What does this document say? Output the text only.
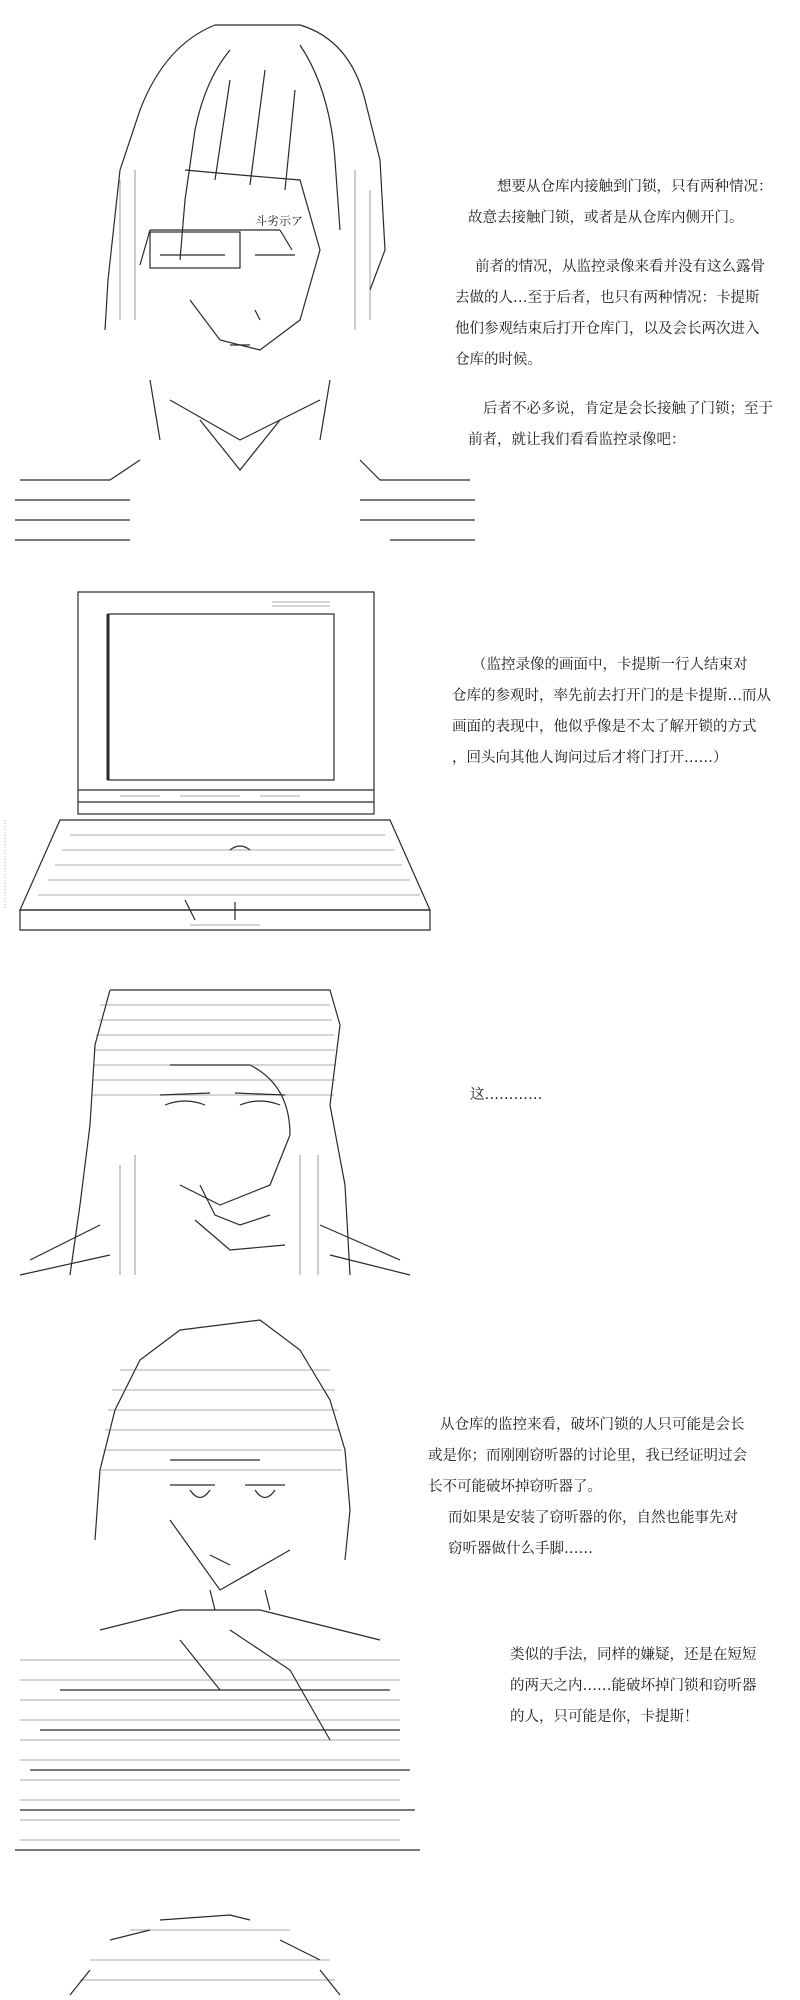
斗劣示ア

想要从仓库内接触到门锁，只有两种情况：

故意去接触门锁，或者是从仓库内侧开门。

前者的情况，从监控录像来看并没有这么露骨

去做的人…至于后者，也只有两种情况：卡提斯

他们参观结束后打开仓库门，以及会长两次进入

仓库的时候。

后者不必多说，肯定是会长接触了门锁；至于

前者，就让我们看看监控录像吧：

（监控录像的画面中，卡提斯一行人结束对

仓库的参观时，率先前去打开门的是卡提斯…而从

画面的表现中，他似乎像是不太了解开锁的方式

，回头向其他人询问过后才将门打开……）

这…………

从仓库的监控来看，破坏门锁的人只可能是会长

或是你；而刚刚窃听器的讨论里，我已经证明过会

长不可能破坏掉窃听器了。

而如果是安装了窃听器的你，自然也能事先对

窃听器做什么手脚……

类似的手法，同样的嫌疑，还是在短短

的两天之内……能破坏掉门锁和窃听器

的人，只可能是你，卡提斯！
